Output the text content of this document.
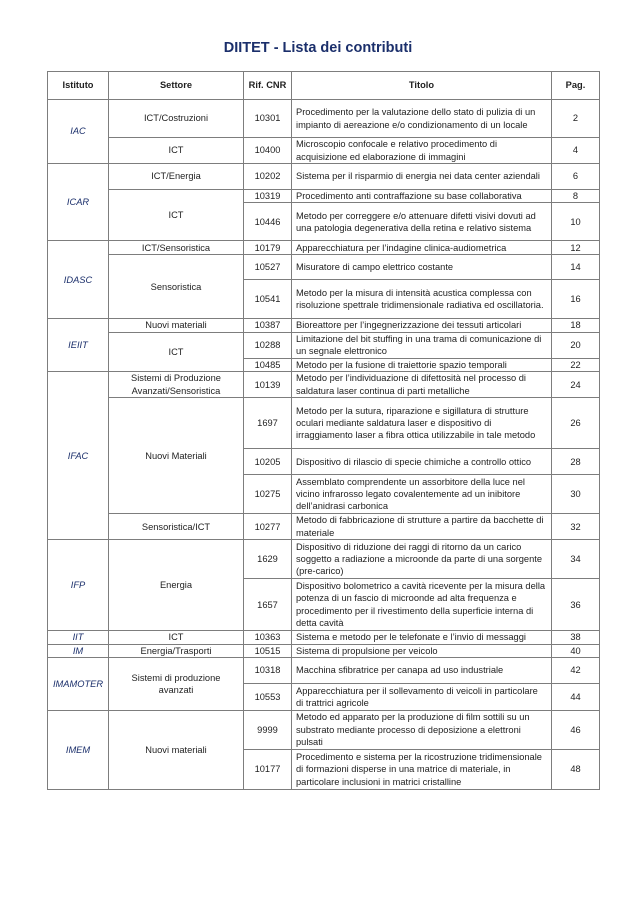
DIITET - Lista dei contributi
Istituto	Settore	Rif. CNR	Titolo	Pag.
IAC	ICT/Costruzioni	10301	Procedimento per la valutazione dello stato di pulizia di un impianto di aereazione e/o condizionamento di un locale	2
	ICT	10400	Microscopio confocale e relativo procedimento di acquisizione ed elaborazione di immagini	4
ICAR	ICT/Energia	10202	Sistema per il risparmio di energia nei data center aziendali	6
	ICT	10319	Procedimento anti contraffazione su base collaborativa	8
		10446	Metodo per correggere e/o attenuare difetti visivi dovuti ad una patologia degenerativa della retina e relativo sistema	10
IDASC	ICT/Sensoristica	10179	Apparecchiatura per l’indagine clinica-audiometrica	12
	Sensoristica	10527	Misuratore di campo elettrico costante	14
		10541	Metodo per la misura di intensità acustica complessa con risoluzione spettrale tridimensionale radiativa ed oscillatoria.	16
IEIIT	Nuovi materiali	10387	Bioreattore per l’ingegnerizzazione dei tessuti articolari	18
	ICT	10288	Limitazione del bit stuffing in una trama di comunicazione di un segnale elettronico	20
		10485	Metodo per la fusione di traiettorie spazio temporali	22
IFAC	Sistemi di Produzione Avanzati/Sensoristica	10139	Metodo per l’individuazione di difettosità nel processo di saldatura laser continua di parti metalliche	24
	Nuovi Materiali	1697	Metodo per la sutura, riparazione e sigillatura di strutture oculari mediante saldatura laser e dispositivo di irraggiamento laser a fibra ottica utilizzabile in tale metodo	26
		10205	Dispositivo di rilascio di specie chimiche a controllo ottico	28
		10275	Assemblato comprendente un assorbitore della luce nel vicino infrarosso legato covalentemente ad un inibitore dell’anidrasi carbonica	30
	Sensoristica/ICT	10277	Metodo di fabbricazione di strutture a partire da bacchette di materiale	32
IFP	Energia	1629	Dispositivo di riduzione dei raggi di ritorno da un carico soggetto a radiazione a microonde da parte di una sorgente (pre-carico)	34
		1657	Dispositivo bolometrico a cavità ricevente per la misura della potenza di un fascio di microonde ad alta frequenza e procedimento per il rivestimento della superficie interna di detta cavità	36
IIT	ICT	10363	Sistema e metodo per le telefonate e l’invio di messaggi	38
IM	Energia/Trasporti	10515	Sistema di propulsione per veicolo	40
IMAMOTER	Sistemi di produzione avanzati	10318	Macchina sfibratrice per canapa ad uso industriale	42
		10553	Apparecchiatura per il sollevamento di veicoli in particolare di trattrici agricole	44
IMEM	Nuovi materiali	9999	Metodo ed apparato per la produzione di film sottili su un substrato mediante processo di deposizione a elettroni pulsati	46
		10177	Procedimento e sistema per la ricostruzione tridimensionale di formazioni disperse in una matrice di materiale, in particolare inclusioni in matrici cristalline	48
